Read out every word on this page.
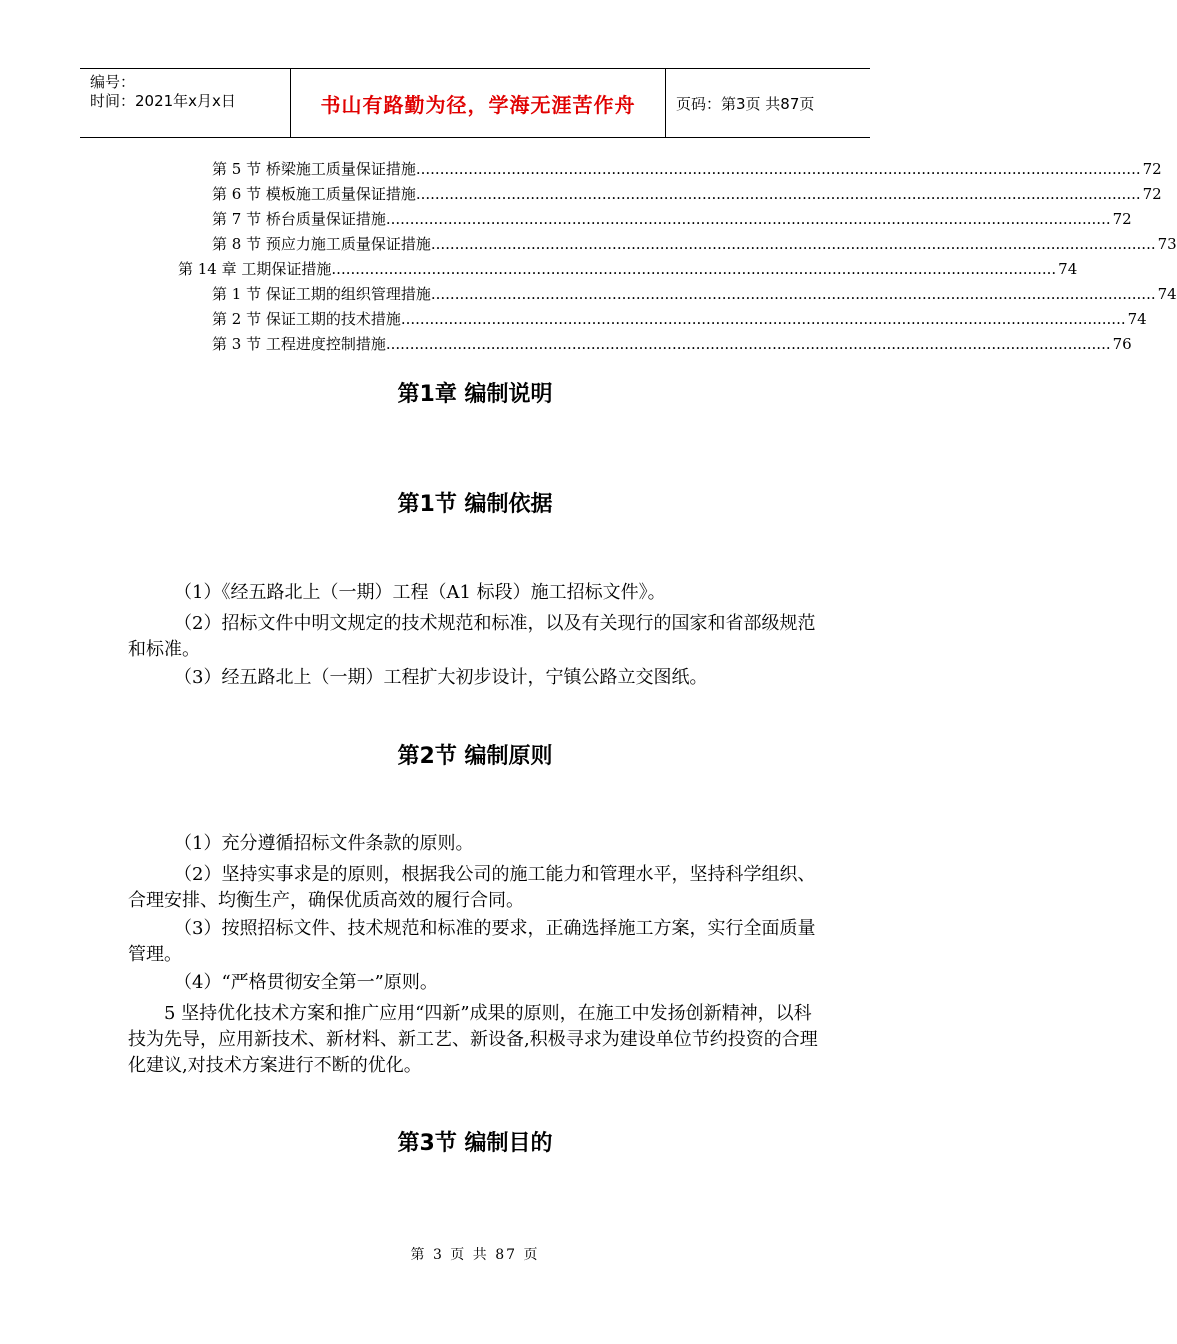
编号：
时间：2021年x月x日	书山有路勤为径，学海无涯苦作舟	页码：第3页 共87页
第 5 节 桥梁施工质量保证措施 ........................................................................................................................................................ 72
第 6 节 模板施工质量保证措施 ........................................................................................................................................................ 72
第 7 节 桥台质量保证措施 ........................................................................................................................................................ 72
第 8 节 预应力施工质量保证措施 ........................................................................................................................................................ 73
第 14 章 工期保证措施 ........................................................................................................................................................ 74
第 1 节 保证工期的组织管理措施 ........................................................................................................................................................ 74
第 2 节 保证工期的技术措施 ........................................................................................................................................................ 74
第 3 节 工程进度控制措施 ........................................................................................................................................................ 76
第1章 编制说明
第1节 编制依据
（1）《经五路北上（一期）工程（A1 标段）施工招标文件》。
（2）招标文件中明文规定的技术规范和标准，以及有关现行的国家和省部级规范和标准。
（3）经五路北上（一期）工程扩大初步设计，宁镇公路立交图纸。
第2节 编制原则
（1）充分遵循招标文件条款的原则。
（2）坚持实事求是的原则，根据我公司的施工能力和管理水平，坚持科学组织、合理安排、均衡生产，确保优质高效的履行合同。
（3）按照招标文件、技术规范和标准的要求，正确选择施工方案，实行全面质量管理。
（4）“严格贯彻安全第一”原则。
5 坚持优化技术方案和推广应用“四新”成果的原则，在施工中发扬创新精神，以科技为先导，应用新技术、新材料、新工艺、新设备,积极寻求为建设单位节约投资的合理化建议,对技术方案进行不断的优化。
第3节 编制目的
第 3 页 共 87 页
